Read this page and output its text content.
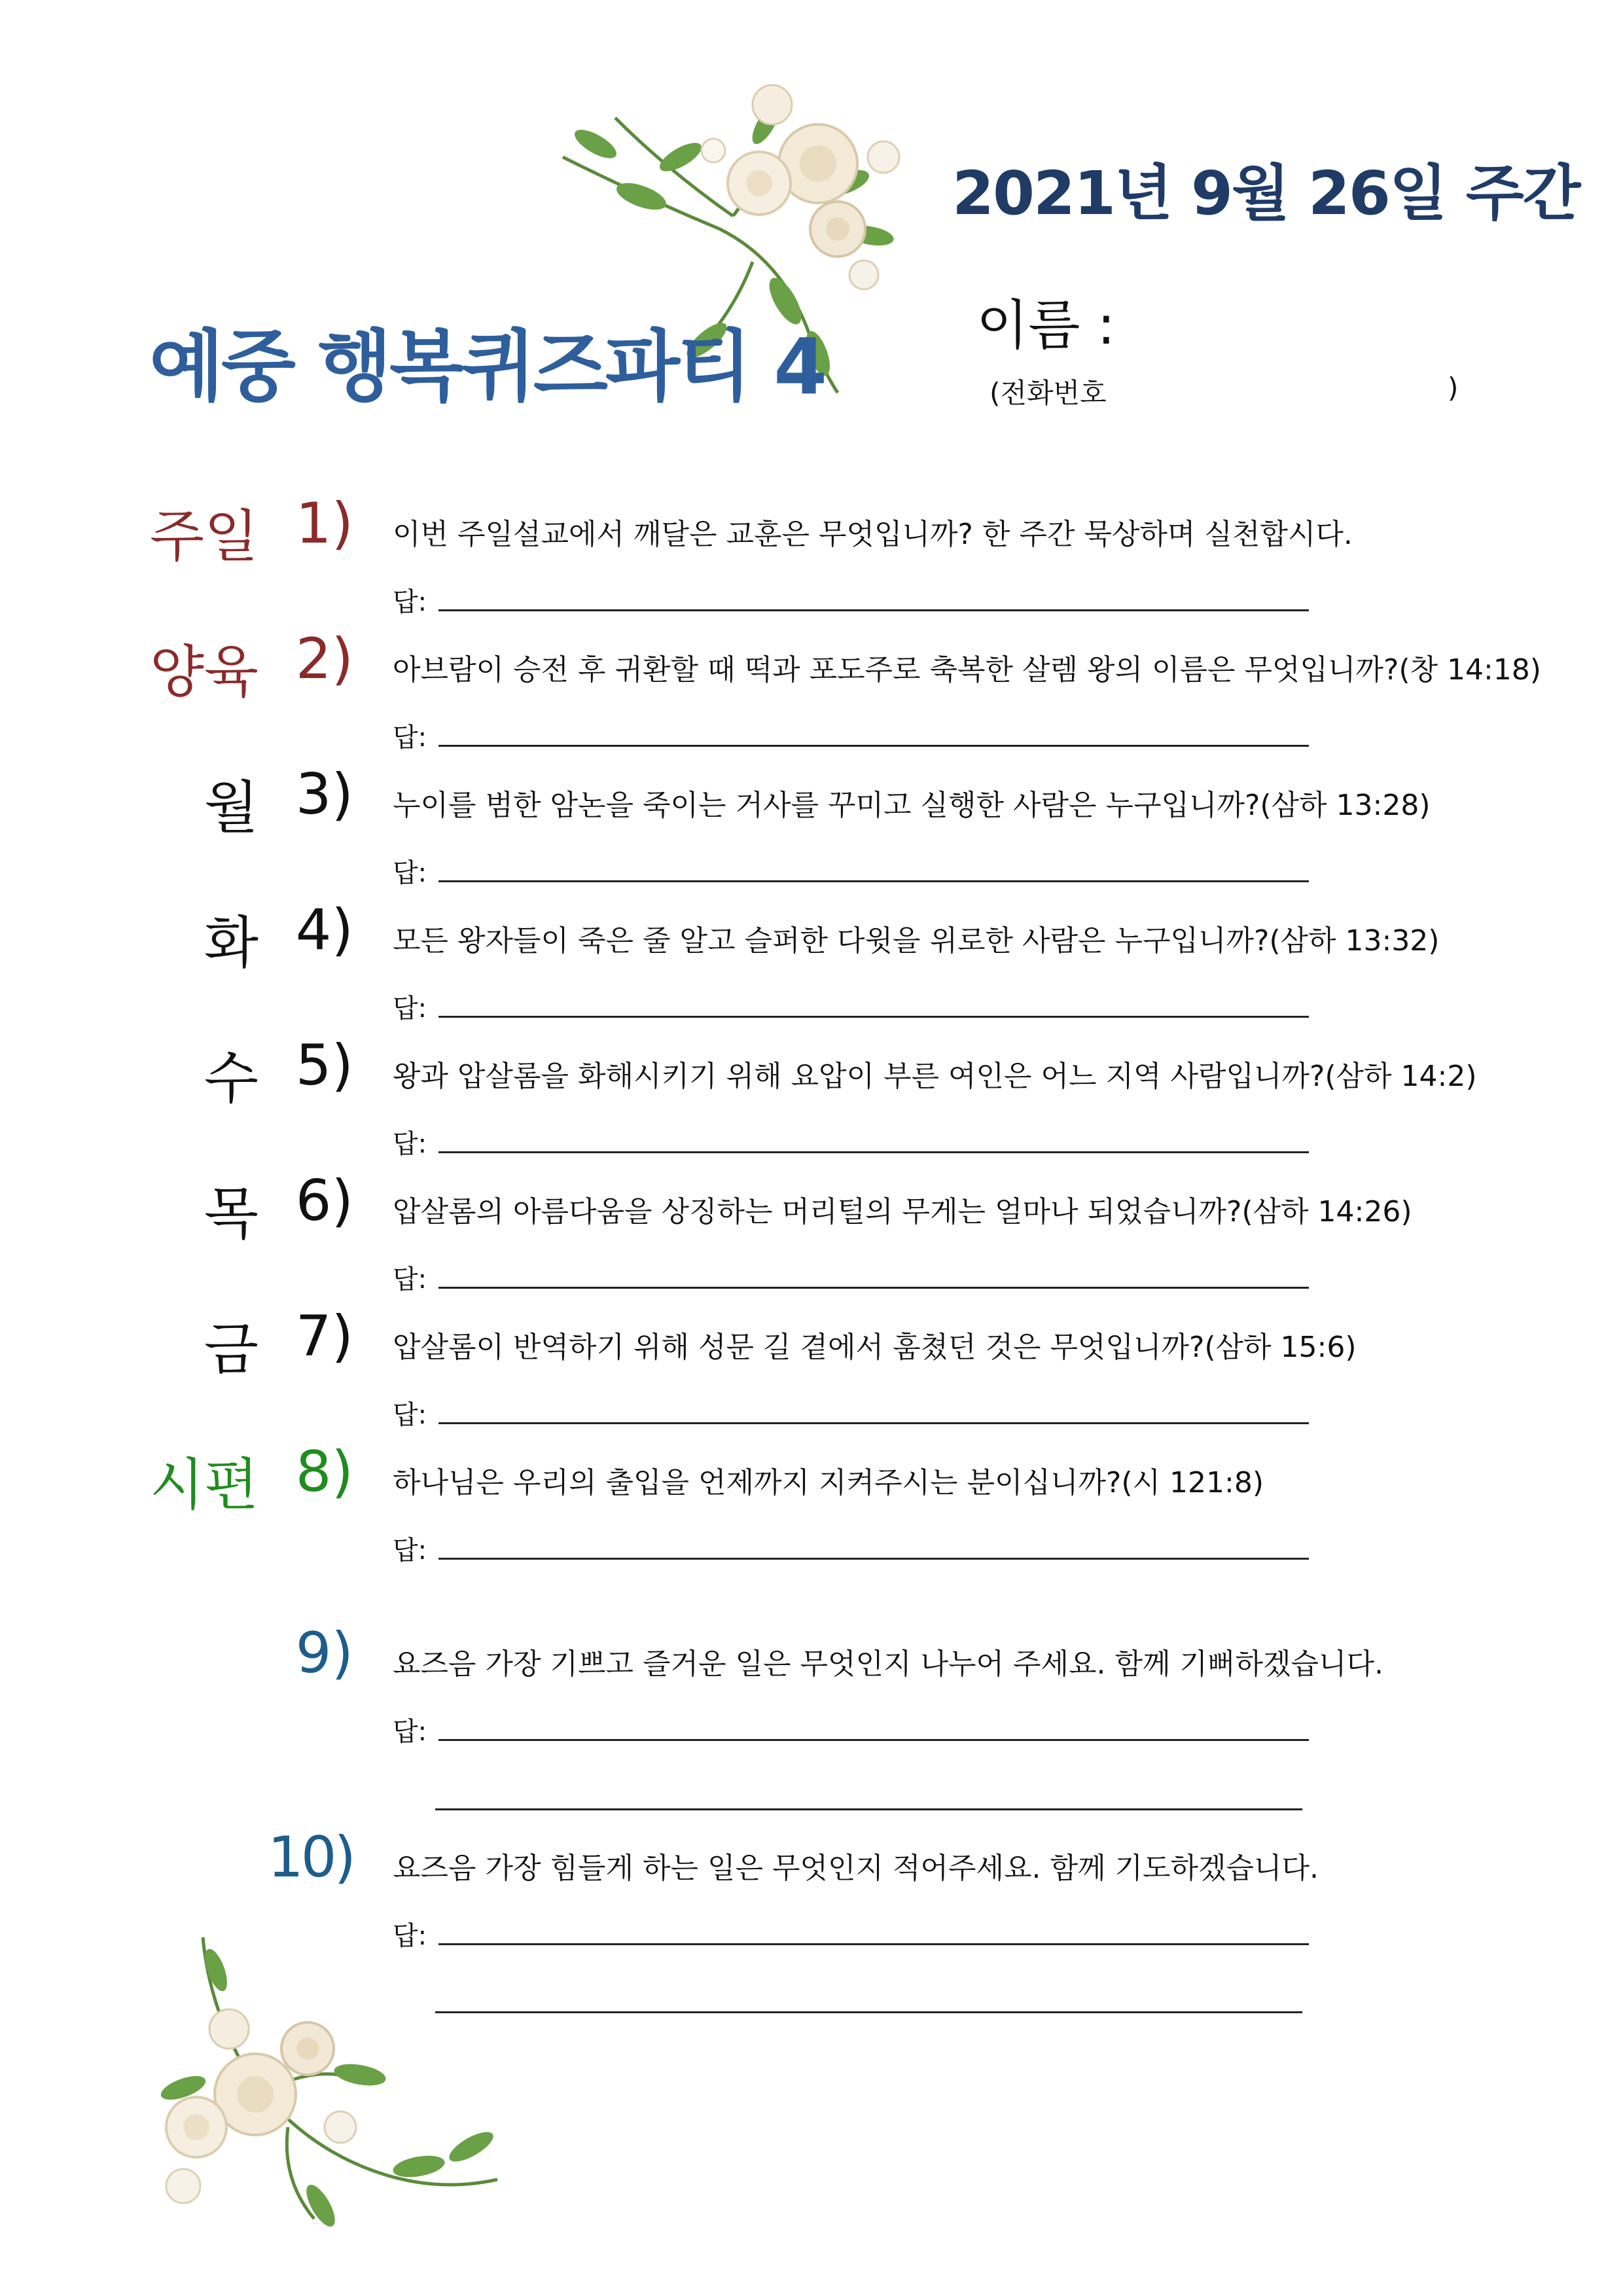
2021년 9월 26일 주간
예중 행복퀴즈파티 4	이름 :
(전화번호	)
주일 1) 이번 주일설교에서 깨달은 교훈은 무엇입니까? 한 주간 묵상하며 실천합시다.
답:
양육 2) 아브람이 승전 후 귀환할 때 떡과 포도주로 축복한 살렘 왕의 이름은 무엇입니까?(창 14:18)
답:
월 3) 누이를 범한 암논을 죽이는 거사를 꾸미고 실행한 사람은 누구입니까?(삼하 13:28)
답:
화 4) 모든 왕자들이 죽은 줄 알고 슬퍼한 다윗을 위로한 사람은 누구입니까?(삼하 13:32)
답:
수 5) 왕과 압살롬을 화해시키기 위해 요압이 부른 여인은 어느 지역 사람입니까?(삼하 14:2)
답:
목 6) 압살롬의 아름다움을 상징하는 머리털의 무게는 얼마나 되었습니까?(삼하 14:26)
답:
금 7) 압살롬이 반역하기 위해 성문 길 곁에서 훔쳤던 것은 무엇입니까?(삼하 15:6)
답:
시편 8) 하나님은 우리의 출입을 언제까지 지켜주시는 분이십니까?(시 121:8)
답:
9) 요즈음 가장 기쁘고 즐거운 일은 무엇인지 나누어 주세요. 함께 기뻐하겠습니다.
답:
10) 요즈음 가장 힘들게 하는 일은 무엇인지 적어주세요. 함께 기도하겠습니다.
답:
